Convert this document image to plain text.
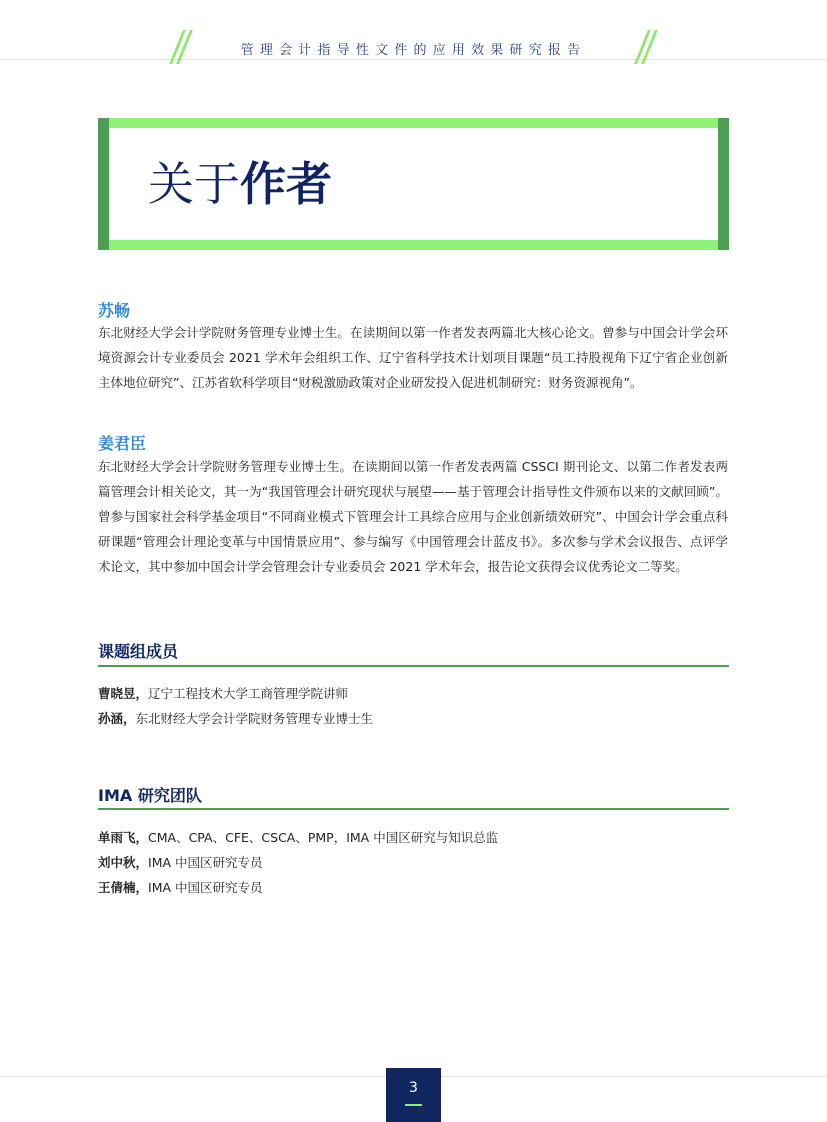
管理会计指导性文件的应用效果研究报告
关于作者
苏畅

东北财经大学会计学院财务管理专业博士生。在读期间以第一作者发表两篇北大核心论文。曾参与中国会计学会环境资源会计专业委员会 2021 学术年会组织工作、辽宁省科学技术计划项目课题“员工持股视角下辽宁省企业创新主体地位研究”、江苏省软科学项目“财税激励政策对企业研发投入促进机制研究：财务资源视角”。

姜君臣

东北财经大学会计学院财务管理专业博士生。在读期间以第一作者发表两篇 CSSCI 期刊论文、以第二作者发表两篇管理会计相关论文，其一为“我国管理会计研究现状与展望——基于管理会计指导性文件颁布以来的文献回顾”。曾参与国家社会科学基金项目“不同商业模式下管理会计工具综合应用与企业创新绩效研究”、中国会计学会重点科研课题“管理会计理论变革与中国情景应用”、参与编写《中国管理会计蓝皮书》。多次参与学术会议报告、点评学术论文，其中参加中国会计学会管理会计专业委员会 2021 学术年会，报告论文获得会议优秀论文二等奖。

课题组成员
曹晓昱，辽宁工程技术大学工商管理学院讲师
孙涵，东北财经大学会计学院财务管理专业博士生
IMA 研究团队
单雨飞，CMA、CPA、CFE、CSCA、PMP，IMA 中国区研究与知识总监
刘中秋，IMA 中国区研究专员
王倩楠，IMA 中国区研究专员
3
